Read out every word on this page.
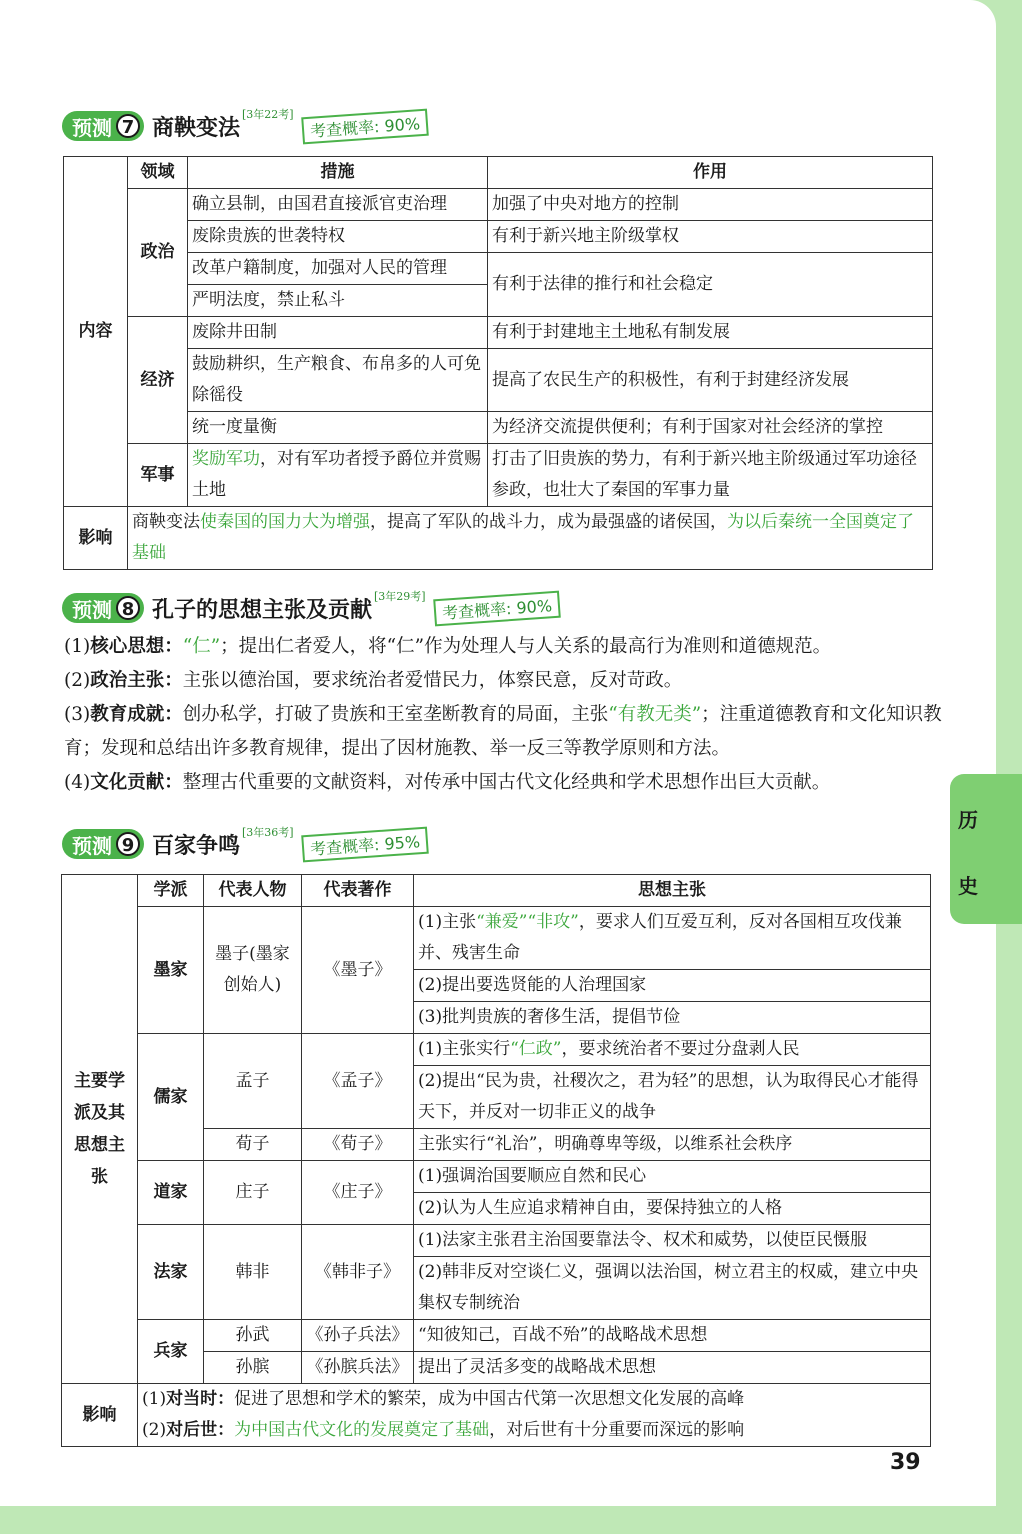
预测 7 商鞅变法
[3年22考] 考查概率: 90%
内容	领域	措施	作用
	政治	确立县制，由国君直接派官吏治理	加强了中央对地方的控制
		废除贵族的世袭特权	有利于新兴地主阶级掌权
		改革户籍制度，加强对人民的管理	有利于法律的推行和社会稳定
		严明法度，禁止私斗	
	经济	废除井田制	有利于封建地主土地私有制发展
		鼓励耕织，生产粮食、布帛多的人可免除徭役	提高了农民生产的积极性，有利于封建经济发展
		统一度量衡	为经济交流提供便利；有利于国家对社会经济的掌控
	军事	奖励军功，对有军功者授予爵位并赏赐土地	打击了旧贵族的势力，有利于新兴地主阶级通过军功途径参政，也壮大了秦国的军事力量

影响	商鞅变法使秦国的国力大为增强，提高了军队的战斗力，成为最强盛的诸侯国，为以后秦统一全国奠定了基础		
预测 8 孔子的思想主张及贡献
[3年29考] 考查概率: 90%
(1)核心思想：“仁”；提出仁者爱人，将“仁”作为处理人与人关系的最高行为准则和道德规范。
(2)政治主张：主张以德治国，要求统治者爱惜民力，体察民意，反对苛政。
(3)教育成就：创办私学，打破了贵族和王室垄断教育的局面，主张“有教无类”；注重道德教育和文化知识教育；发现和总结出许多教育规律，提出了因材施教、举一反三等教学原则和方法。
(4)文化贡献：整理古代重要的文献资料，对传承中国古代文化经典和学术思想作出巨大贡献。
预测 9 百家争鸣
[3年36考] 考查概率: 95%
主要学派及其思想主张	学派	代表人物	代表著作	思想主张
	墨家	墨子(墨家创始人)	《墨子》	(1)主张“兼爱”“非攻”，要求人们互爱互利，反对各国相互攻伐兼并、残害生命

				(2)提出要选贤能的人治理国家
				(3)批判贵族的奢侈生活，提倡节俭
	儒家	孟子	《孟子》	(1)主张实行“仁政”，要求统治者不要过分盘剥人民
				(2)提出“民为贵，社稷次之，君为轻”的思想，认为取得民心才能得天下，并反对一切非正义的战争
		荀子	《荀子》	主张实行“礼治”，明确尊卑等级，以维系社会秩序
	道家	庄子	《庄子》	(1)强调治国要顺应自然和民心
				(2)认为人生应追求精神自由，要保持独立的人格
	法家	韩非	《韩非子》	(1)法家主张君主治国要靠法令、权术和威势，以使臣民慑服
				(2)韩非反对空谈仁义，强调以法治国，树立君主的权威，建立中央集权专制统治
	兵家	孙武	《孙子兵法》	“知彼知己，百战不殆”的战略战术思想
		孙膑	《孙膑兵法》	提出了灵活多变的战略战术思想

影响	(1)对当时：促进了思想和学术的繁荣，成为中国古代第一次思想文化发展的高峰
(2)对后世：为中国古代文化的发展奠定了基础，对后世有十分重要而深远的影响			
39
历
史
